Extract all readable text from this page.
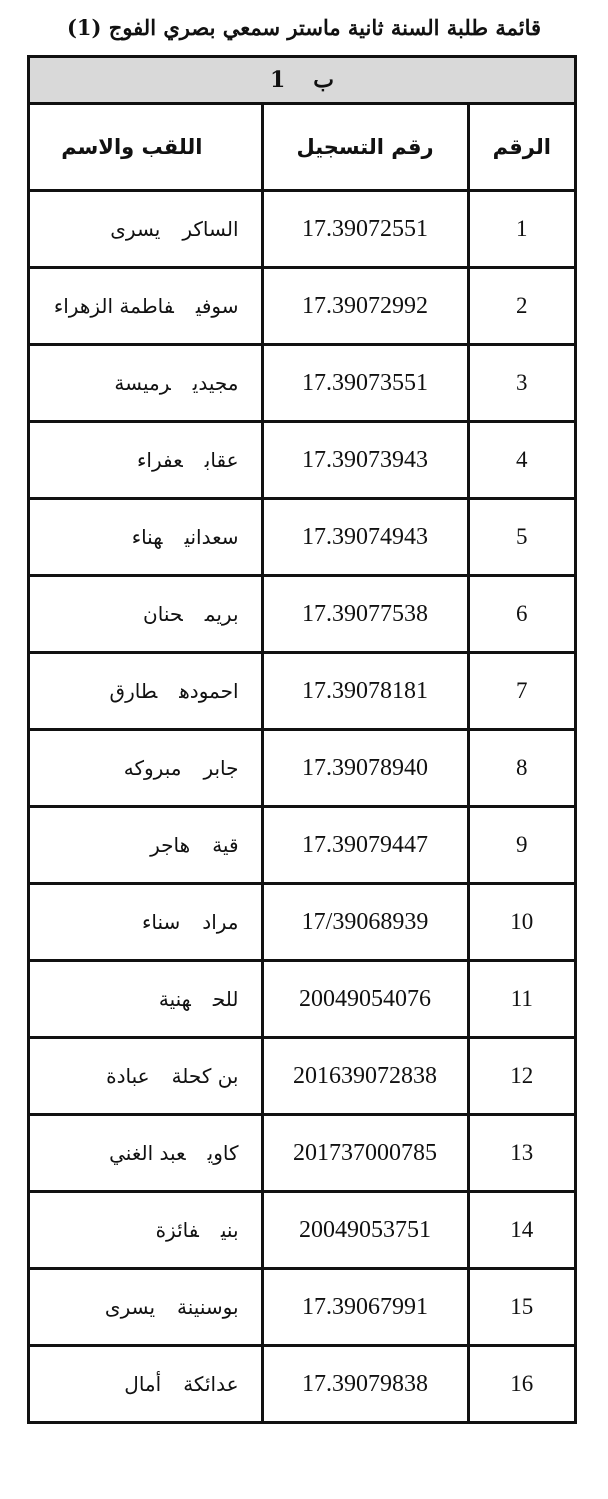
قائمة طلبة السنة ثانية ماستر سمعي بصري الفوج (1)
ب1		
الرقم	رقم التسجيل	اللقب والاسم
1	17.39072551	الساكريسرى
2	17.39072992	سوفيفاطمة الزهراء
3	17.39073551	مجيديرميسة
4	17.39073943	عقابعفراء
5	17.39074943	سعدانيهناء
6	17.39077538	بريمحنان
7	17.39078181	احمودهطارق
8	17.39078940	جابرمبروكه
9	17.39079447	قيةهاجر
10	17/39068939	مرادسناء
11	20049054076	للحهنية
12	201639072838	بن كحلةعبادة
13	201737000785	كاويعبد الغني
14	20049053751	بنيفائزة
15	17.39067991	بوسنينةيسرى
16	17.39079838	عدائكةأمال
